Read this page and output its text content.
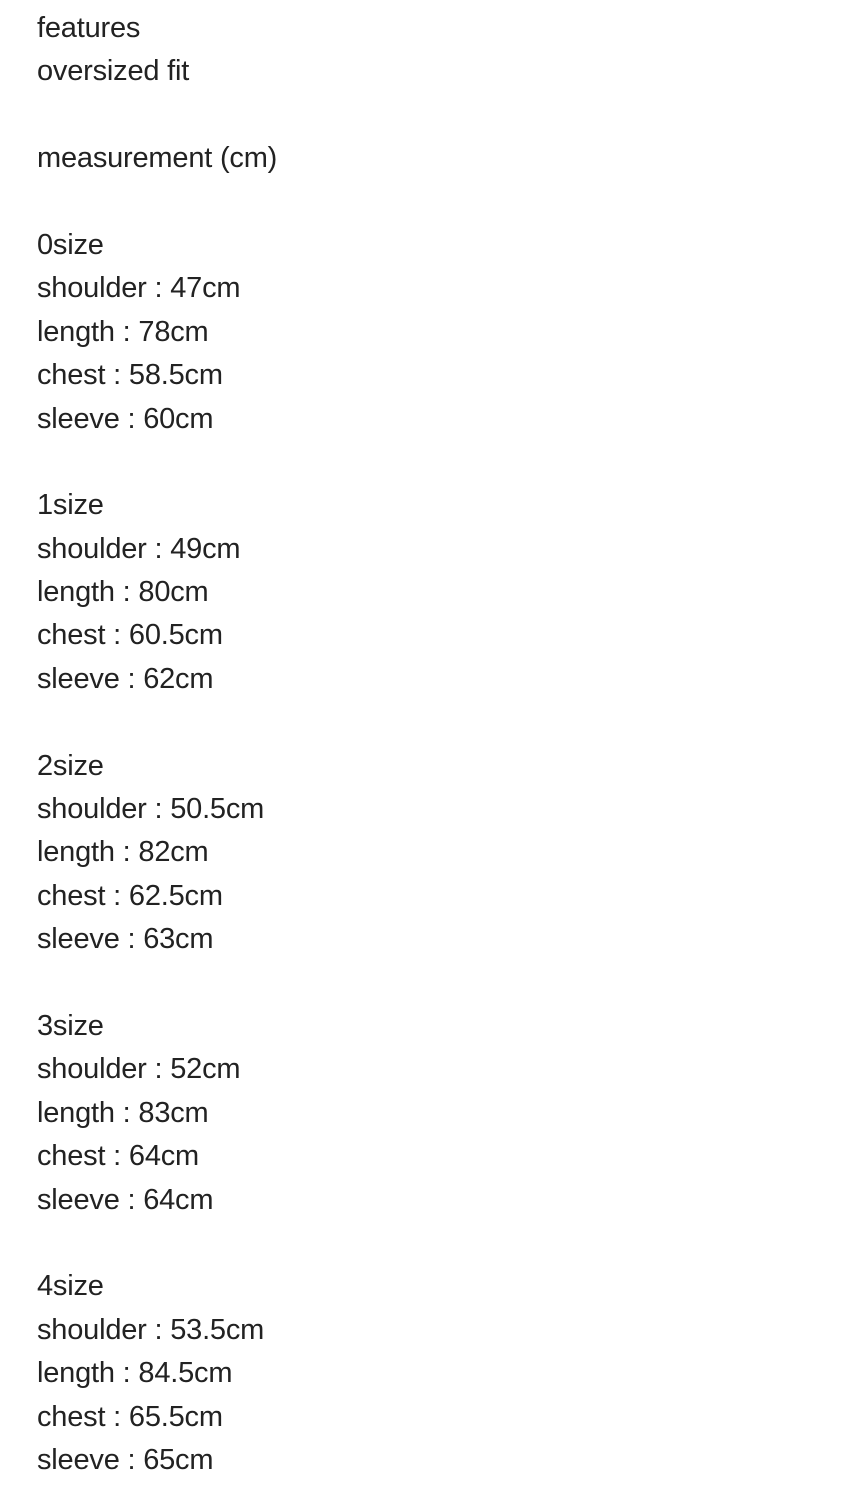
features
oversized fit
measurement (cm)
0size
shoulder : 47cm
length : 78cm
chest : 58.5cm
sleeve : 60cm
1size
shoulder : 49cm
length : 80cm
chest : 60.5cm
sleeve : 62cm
2size
shoulder : 50.5cm
length : 82cm
chest : 62.5cm
sleeve : 63cm
3size
shoulder : 52cm
length : 83cm
chest : 64cm
sleeve : 64cm
4size
shoulder : 53.5cm
length : 84.5cm
chest : 65.5cm
sleeve : 65cm
